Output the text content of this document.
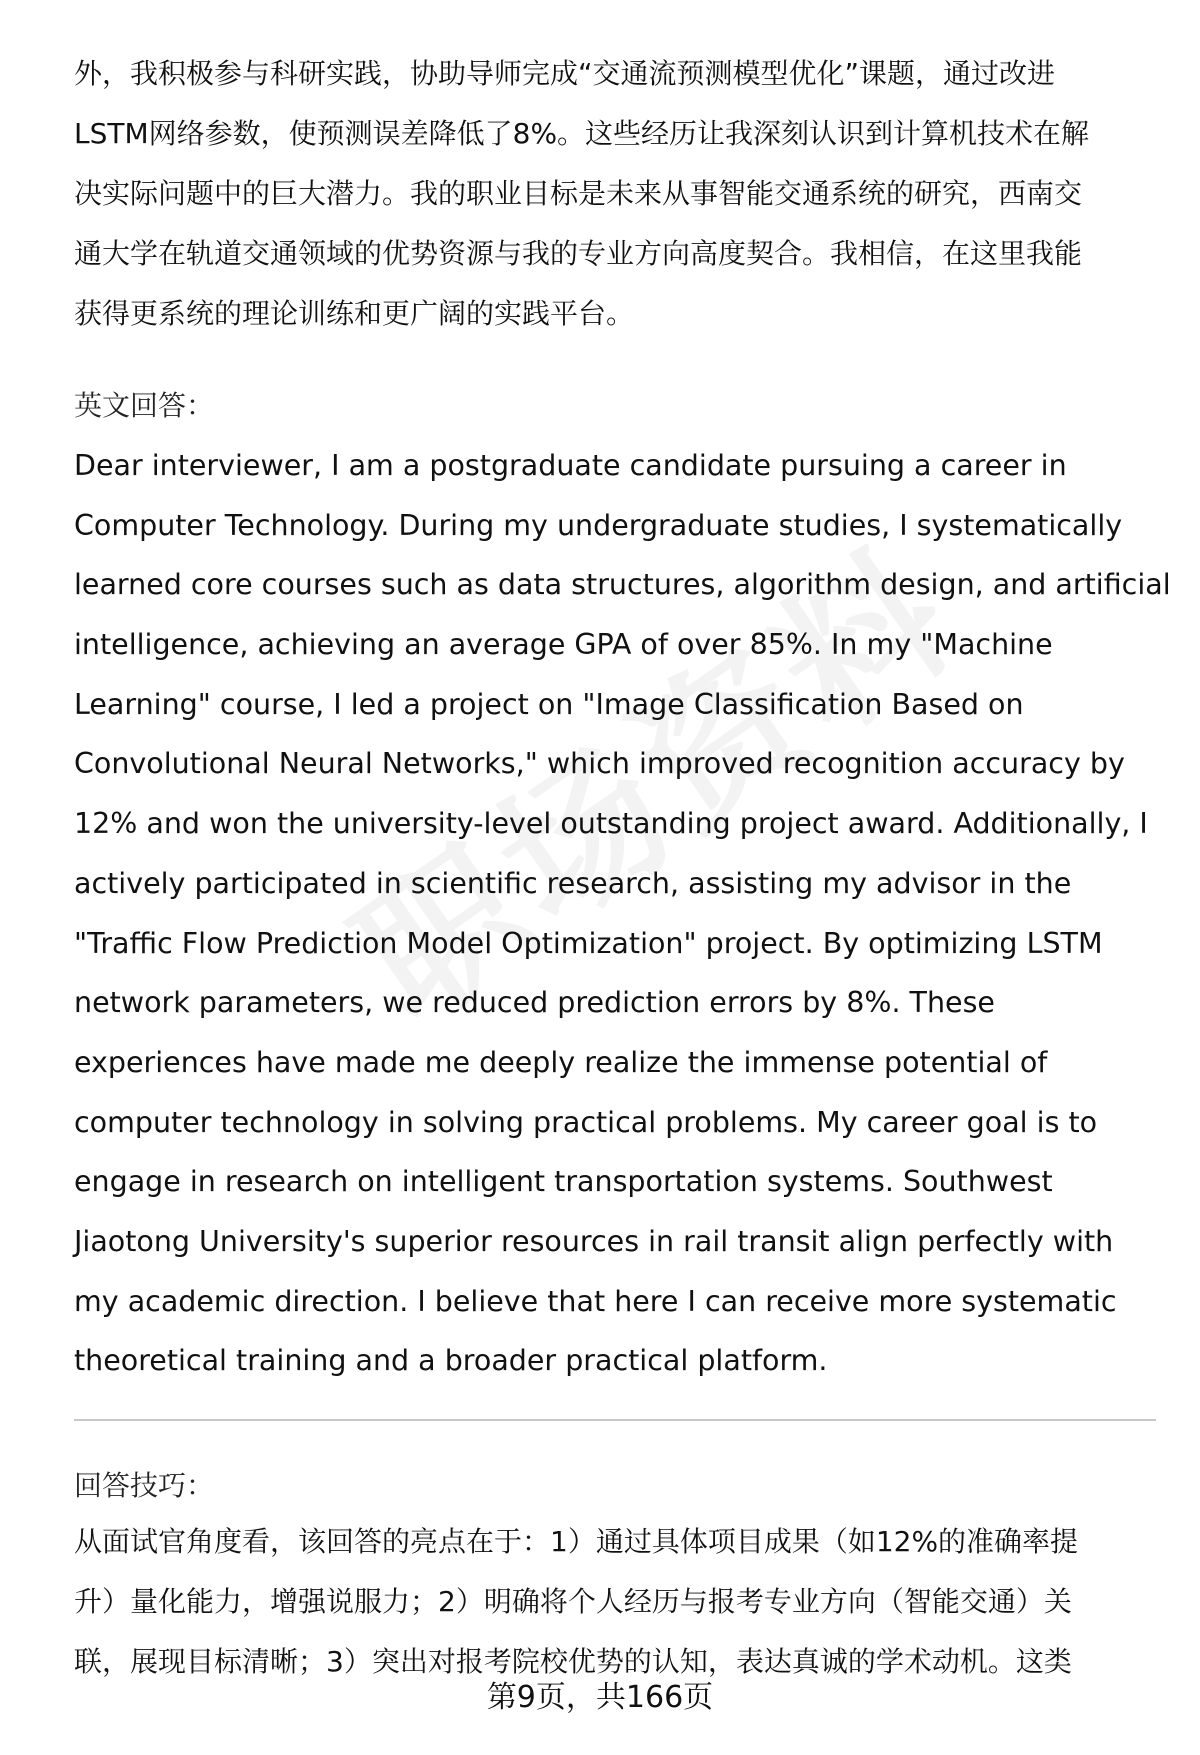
外，我积极参与科研实践，协助导师完成“交通流预测模型优化”课题，通过改进
LSTM网络参数，使预测误差降低了8%。这些经历让我深刻认识到计算机技术在解
决实际问题中的巨大潜力。我的职业目标是未来从事智能交通系统的研究，西南交
通大学在轨道交通领域的优势资源与我的专业方向高度契合。我相信，在这里我能
获得更系统的理论训练和更广阔的实践平台。
英文回答：
Dear interviewer, I am a postgraduate candidate pursuing a career in
Computer Technology. During my undergraduate studies, I systematically
learned core courses such as data structures, algorithm design, and artificial
intelligence, achieving an average GPA of over 85%. In my "Machine
Learning" course, I led a project on "Image Classification Based on
Convolutional Neural Networks," which improved recognition accuracy by
12% and won the university-level outstanding project award. Additionally, I
actively participated in scientific research, assisting my advisor in the
"Traffic Flow Prediction Model Optimization" project. By optimizing LSTM
network parameters, we reduced prediction errors by 8%. These
experiences have made me deeply realize the immense potential of
computer technology in solving practical problems. My career goal is to
engage in research on intelligent transportation systems. Southwest
Jiaotong University's superior resources in rail transit align perfectly with
my academic direction. I believe that here I can receive more systematic
theoretical training and a broader practical platform.
回答技巧：
从面试官角度看，该回答的亮点在于：1）通过具体项目成果（如12%的准确率提
升）量化能力，增强说服力；2）明确将个人经历与报考专业方向（智能交通）关
联，展现目标清晰；3）突出对报考院校优势的认知，表达真诚的学术动机。这类
第9页，共166页
